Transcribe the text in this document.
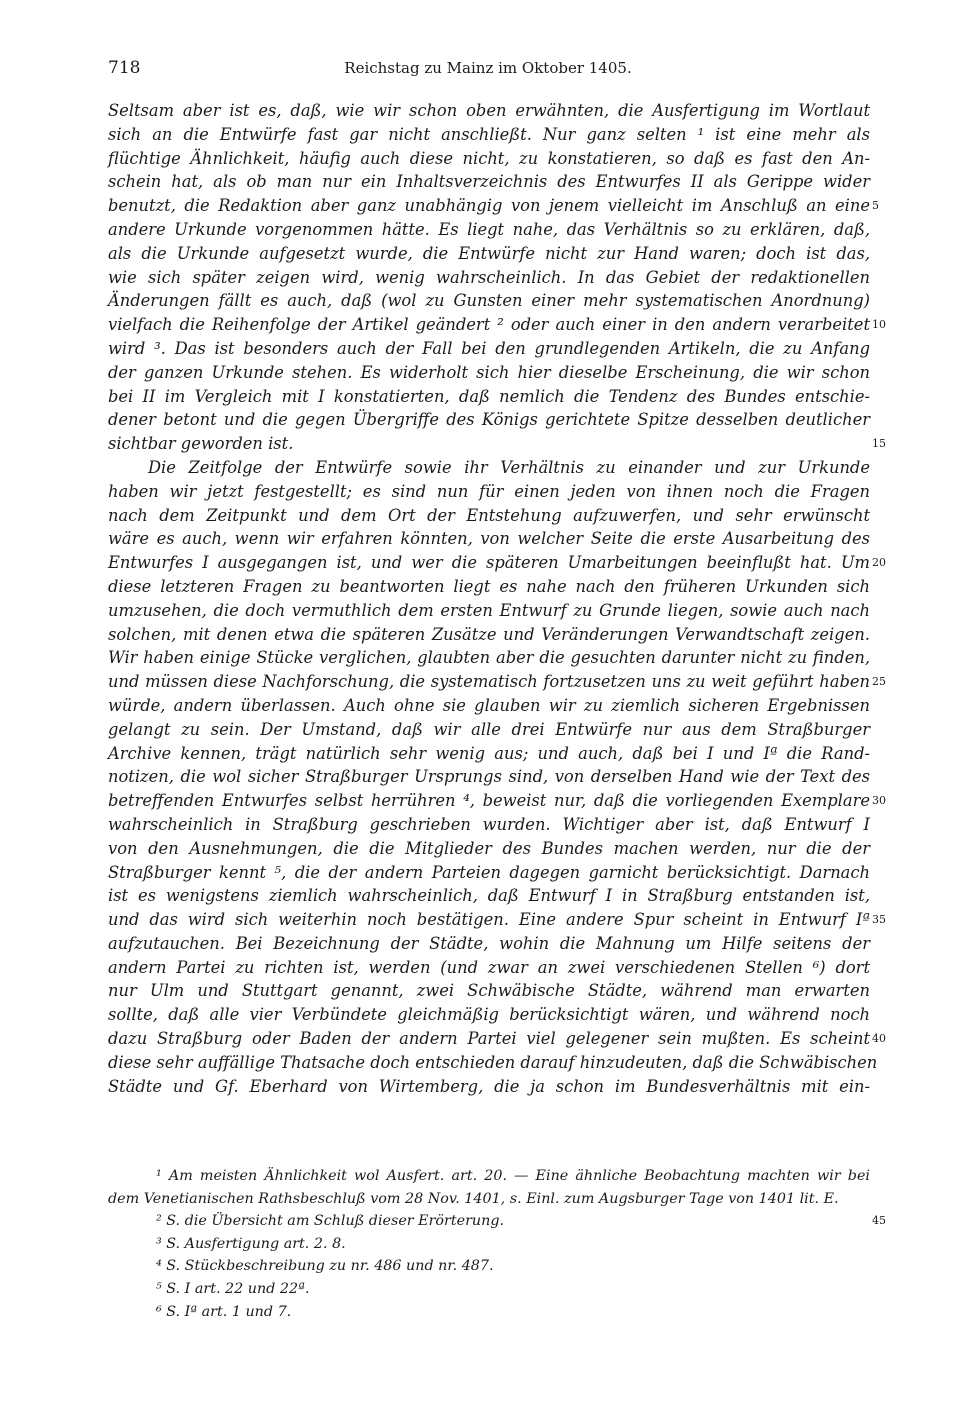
718	Reichstag zu Mainz im Oktober 1405.
Seltsam aber ist es, daß, wie wir schon oben erwähnten, die Ausfertigung im Wortlaut
sich an die Entwürfe fast gar nicht anschließt. Nur ganz selten ¹ ist eine mehr als
flüchtige Ähnlichkeit, häufig auch diese nicht, zu konstatieren, so daß es fast den An-
schein hat, als ob man nur ein Inhaltsverzeichnis des Entwurfes II als Gerippe wider
benutzt, die Redaktion aber ganz unabhängig von jenem vielleicht im Anschluß an eine
andere Urkunde vorgenommen hätte. Es liegt nahe, das Verhältnis so zu erklären, daß,
als die Urkunde aufgesetzt wurde, die Entwürfe nicht zur Hand waren; doch ist das,
wie sich später zeigen wird, wenig wahrscheinlich. In das Gebiet der redaktionellen
Änderungen fällt es auch, daß (wol zu Gunsten einer mehr systematischen Anordnung)
vielfach die Reihenfolge der Artikel geändert ² oder auch einer in den andern verarbeitet
wird ³. Das ist besonders auch der Fall bei den grundlegenden Artikeln, die zu Anfang
der ganzen Urkunde stehen. Es widerholt sich hier dieselbe Erscheinung, die wir schon
bei II im Vergleich mit I konstatierten, daß nemlich die Tendenz des Bundes entschie-
dener betont und die gegen Übergriffe des Königs gerichtete Spitze desselben deutlicher
sichtbar geworden ist.
Die Zeitfolge der Entwürfe sowie ihr Verhältnis zu einander und zur Urkunde
haben wir jetzt festgestellt; es sind nun für einen jeden von ihnen noch die Fragen
nach dem Zeitpunkt und dem Ort der Entstehung aufzuwerfen, und sehr erwünscht
wäre es auch, wenn wir erfahren könnten, von welcher Seite die erste Ausarbeitung des
Entwurfes I ausgegangen ist, und wer die späteren Umarbeitungen beeinflußt hat. Um
diese letzteren Fragen zu beantworten liegt es nahe nach den früheren Urkunden sich
umzusehen, die doch vermuthlich dem ersten Entwurf zu Grunde liegen, sowie auch nach
solchen, mit denen etwa die späteren Zusätze und Veränderungen Verwandtschaft zeigen.
Wir haben einige Stücke verglichen, glaubten aber die gesuchten darunter nicht zu finden,
und müssen diese Nachforschung, die systematisch fortzusetzen uns zu weit geführt haben
würde, andern überlassen. Auch ohne sie glauben wir zu ziemlich sicheren Ergebnissen
gelangt zu sein. Der Umstand, daß wir alle drei Entwürfe nur aus dem Straßburger
Archive kennen, trägt natürlich sehr wenig aus; und auch, daß bei I und Iª die Rand-
notizen, die wol sicher Straßburger Ursprungs sind, von derselben Hand wie der Text des
betreffenden Entwurfes selbst herrühren ⁴, beweist nur, daß die vorliegenden Exemplare
wahrscheinlich in Straßburg geschrieben wurden. Wichtiger aber ist, daß Entwurf I
von den Ausnehmungen, die die Mitglieder des Bundes machen werden, nur die der
Straßburger kennt ⁵, die der andern Parteien dagegen garnicht berücksichtigt. Darnach
ist es wenigstens ziemlich wahrscheinlich, daß Entwurf I in Straßburg entstanden ist,
und das wird sich weiterhin noch bestätigen. Eine andere Spur scheint in Entwurf Iª
aufzutauchen. Bei Bezeichnung der Städte, wohin die Mahnung um Hilfe seitens der
andern Partei zu richten ist, werden (und zwar an zwei verschiedenen Stellen ⁶) dort
nur Ulm und Stuttgart genannt, zwei Schwäbische Städte, während man erwarten
sollte, daß alle vier Verbündete gleichmäßig berücksichtigt wären, und während noch
dazu Straßburg oder Baden der andern Partei viel gelegener sein mußten. Es scheint
diese sehr auffällige Thatsache doch entschieden darauf hinzudeuten, daß die Schwäbischen
Städte und Gf. Eberhard von Wirtemberg, die ja schon im Bundesverhältnis mit ein-
5
10
15
20
25
30
35
40
¹ Am meisten Ähnlichkeit wol Ausfert. art. 20. — Eine ähnliche Beobachtung machten wir bei
dem Venetianischen Rathsbeschluß vom 28 Nov. 1401, s. Einl. zum Augsburger Tage von 1401 lit. E.
² S. die Übersicht am Schluß dieser Erörterung.
³ S. Ausfertigung art. 2. 8.
⁴ S. Stückbeschreibung zu nr. 486 und nr. 487.
⁵ S. I art. 22 und 22ª.
⁶ S. Iª art. 1 und 7.
45
